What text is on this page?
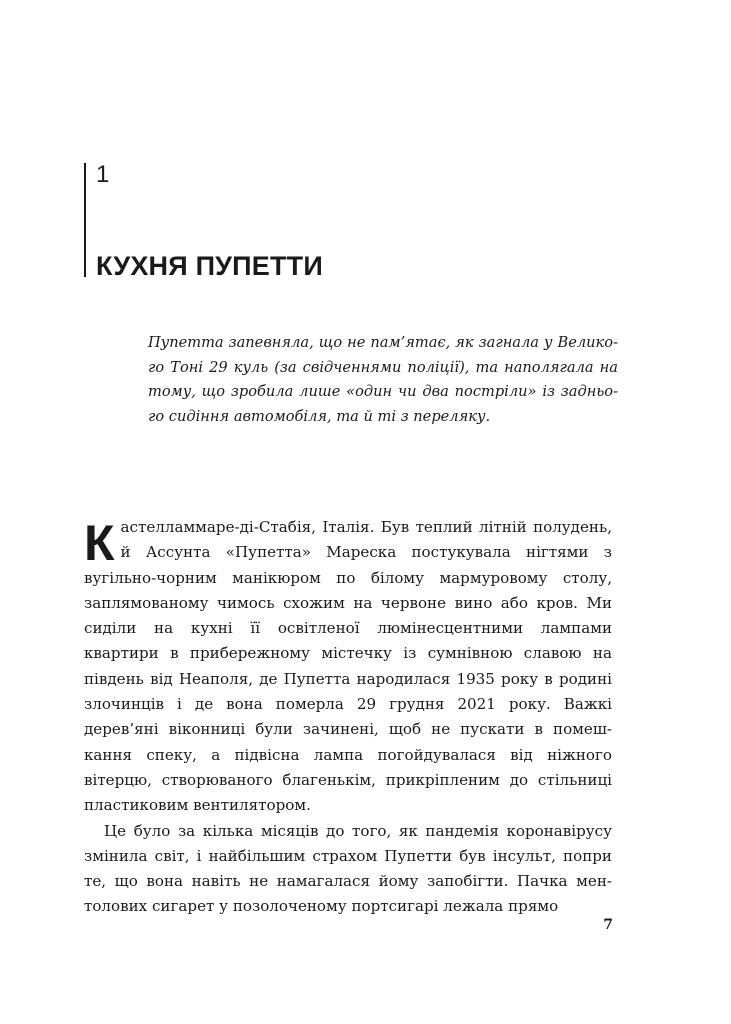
1
КУХНЯ ПУПЕТТИ

Пупетта запевняла, що не пам’ятає, як загнала у Великого Тоні 29 куль (за свідченнями поліції), та наполягала на тому, що зробила лише «один чи два постріли» із заднього сидіння автомобіля, та й ті з переляку.

Кастелламмаре-ді-Стабія, Італія. Був теплий літній полудень, й Ассунта «Пупетта» Мареска постукувала нігтями з вугільно-чорним манікюром по білому мармуровому столу, заплямованому чимось схожим на червоне вино або кров. Ми сиділи на кухні її освітленої люмінесцентними лампами квартири в прибережному містечку із сумнівною славою на південь від Неаполя, де Пупетта народилася 1935 року в родині злочинців і де вона померла 29 грудня 2021 року. Важкі дерев’яні віконниці були зачинені, щоб не пускати в помешкання спеку, а підвісна лампа погойдувалася від ніжного вітерцю, створюваного благенькім, прикріпленим до стільниці пластиковим вентилятором.

Це було за кілька місяців до того, як пандемія коронавірусу змінила світ, і найбільшим страхом Пупетти був інсульт, попри те, що вона навіть не намагалася йому запобігти. Пачка ментолових сигарет у позолоченому портсигарі лежала прямо

7
